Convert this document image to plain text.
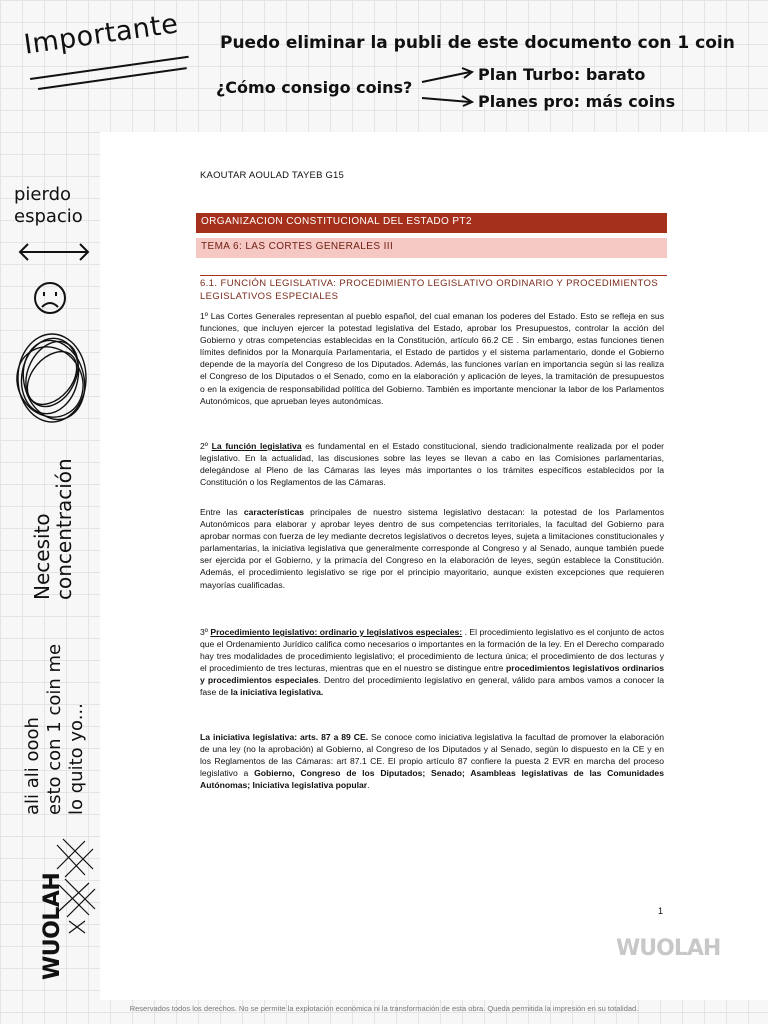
Importante Puedo eliminar la publi de este documento con 1 coin
¿Cómo consigo coins?
Plan Turbo: barato
Planes pro: más coins
pierdo
espacio
Necesito
concentración
ali ali oooh esto con 1 coin me lo quito yo...
WUOLAH
KAOUTAR AOULAD TAYEB G15
ORGANIZACION CONSTITUCIONAL DEL ESTADO PT2
TEMA 6: LAS CORTES GENERALES III
6.1. FUNCIÓN LEGISLATIVA: PROCEDIMIENTO LEGISLATIVO ORDINARIO Y PROCEDIMIENTOS LEGISLATIVOS ESPECIALES

1º Las Cortes Generales representan al pueblo español, del cual emanan los poderes del Estado. Esto se refleja en sus funciones, que incluyen ejercer la potestad legislativa del Estado, aprobar los Presupuestos, controlar la acción del Gobierno y otras competencias establecidas en la Constitución, artículo 66.2 CE . Sin embargo, estas funciones tienen límites definidos por la Monarquía Parlamentaria, el Estado de partidos y el sistema parlamentario, donde el Gobierno depende de la mayoría del Congreso de los Diputados. Además, las funciones varían en importancia según si las realiza el Congreso de los Diputados o el Senado, como en la elaboración y aplicación de leyes, la tramitación de presupuestos o en la exigencia de responsabilidad política del Gobierno. También es importante mencionar la labor de los Parlamentos Autonómicos, que aprueban leyes autonómicas.

2º La función legislativa es fundamental en el Estado constitucional, siendo tradicionalmente realizada por el poder legislativo. En la actualidad, las discusiones sobre las leyes se llevan a cabo en las Comisiones parlamentarias, delegándose al Pleno de las Cámaras las leyes más importantes o los trámites específicos establecidos por la Constitución o los Reglamentos de las Cámaras.

Entre las características principales de nuestro sistema legislativo destacan: la potestad de los Parlamentos Autonómicos para elaborar y aprobar leyes dentro de sus competencias territoriales, la facultad del Gobierno para aprobar normas con fuerza de ley mediante decretos legislativos o decretos leyes, sujeta a limitaciones constitucionales y parlamentarias, la iniciativa legislativa que generalmente corresponde al Congreso y al Senado, aunque también puede ser ejercida por el Gobierno, y la primacía del Congreso en la elaboración de leyes, según establece la Constitución. Además, el procedimiento legislativo se rige por el principio mayoritario, aunque existen excepciones que requieren mayorías cualificadas.

3º Procedimiento legislativo: ordinario y legislativos especiales: . El procedimiento legislativo es el conjunto de actos que el Ordenamiento Jurídico califica como necesarios o importantes en la formación de la ley. En el Derecho comparado hay tres modalidades de procedimiento legislativo; el procedimiento de lectura única; el procedimiento de dos lecturas y el procedimiento de tres lecturas, mientras que en el nuestro se distingue entre procedimientos legislativos ordinarios y procedimientos especiales. Dentro del procedimiento legislativo en general, válido para ambos vamos a conocer la fase de la iniciativa legislativa.

La iniciativa legislativa: arts. 87 a 89 CE. Se conoce como iniciativa legislativa la facultad de promover la elaboración de una ley (no la aprobación) al Gobierno, al Congreso de los Diputados y al Senado, según lo dispuesto en la CE y en los Reglamentos de las Cámaras: art 87.1 CE. El propio artículo 87 confiere la puesta 2 EVR en marcha del proceso legislativo a Gobierno, Congreso de los Diputados; Senado; Asambleas legislativas de las Comunidades Autónomas; Iniciativa legislativa popular.

1
WUOLAH
Reservados todos los derechos. No se permite la explotación económica ni la transformación de esta obra. Queda permitida la impresión en su totalidad.
